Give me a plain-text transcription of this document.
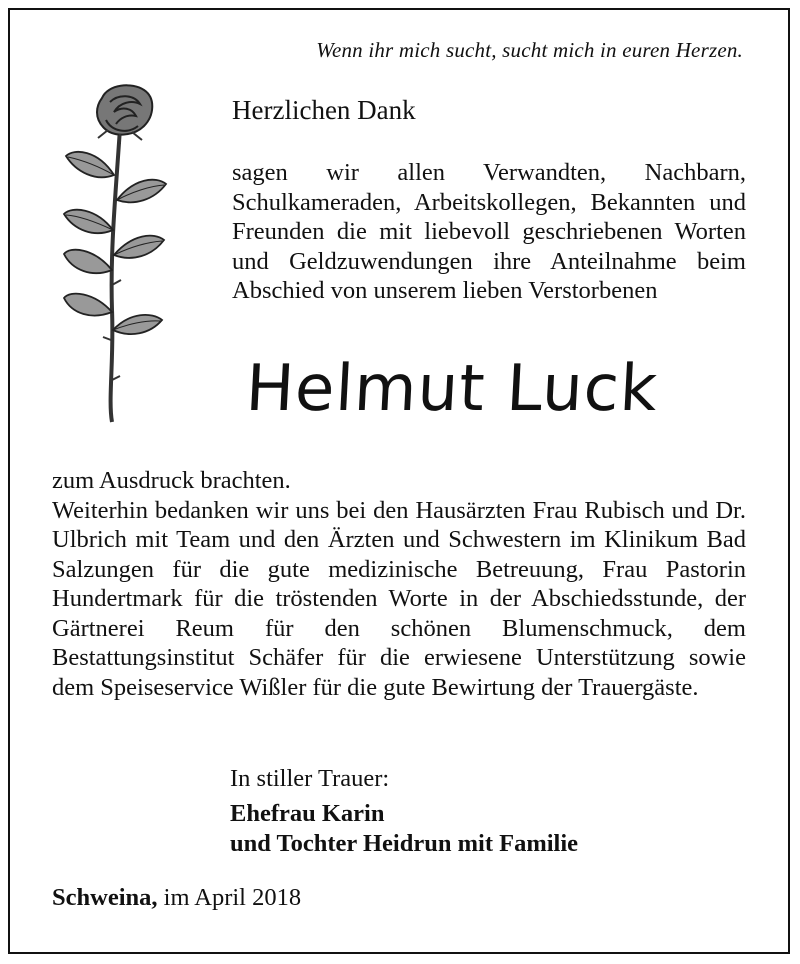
Wenn ihr mich sucht, sucht mich in euren Herzen.
Herzlichen Dank

sagen wir allen Verwandten, Nachbarn, Schulkameraden, Arbeitskollegen, Bekannten und Freunden die mit liebevoll geschriebenen Worten und Geldzuwendungen ihre Anteilnahme beim Abschied von unserem lieben Verstorbenen

Helmut Luck

zum Ausdruck brachten.

Weiterhin bedanken wir uns bei den Hausärzten Frau Rubisch und Dr. Ulbrich mit Team und den Ärzten und Schwestern im Klinikum Bad Salzungen für die gute medizinische Betreuung, Frau Pastorin Hundertmark für die tröstenden Worte in der Abschiedsstunde, der Gärtnerei Reum für den schönen Blumenschmuck, dem Bestattungsinstitut Schäfer für die erwiesene Unterstützung sowie dem Speiseservice Wißler für die gute Bewirtung der Trauergäste.

In stiller Trauer:
Ehefrau Karin
und Tochter Heidrun mit Familie
Schweina, im April 2018
